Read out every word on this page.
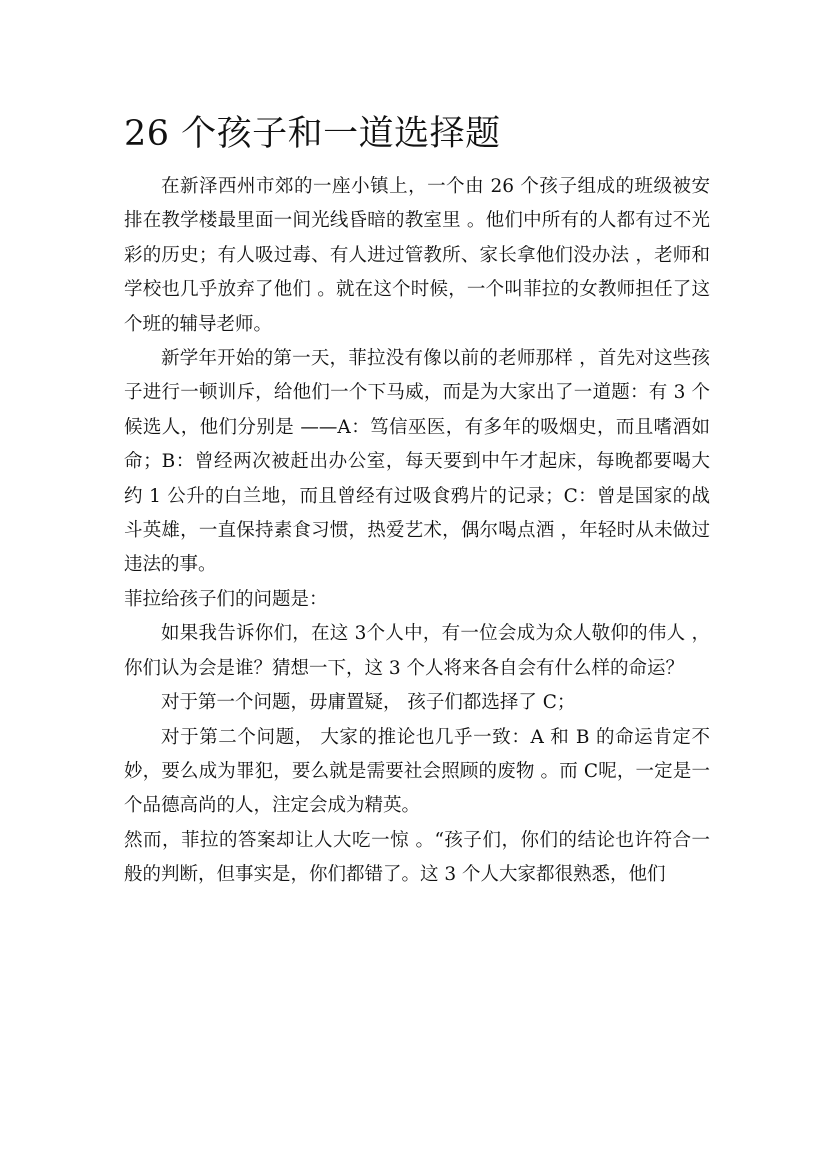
26 个孩子和一道选择题

在新泽西州市郊的一座小镇上，一个由 26 个孩子组成的班级被安排在教学楼最里面一间光线昏暗的教室里 。他们中所有的人都有过不光彩的历史；有人吸过毒、有人进过管教所、家长拿他们没办法 ，老师和学校也几乎放弃了他们 。就在这个时候，一个叫菲拉的女教师担任了这个班的辅导老师。

新学年开始的第一天，菲拉没有像以前的老师那样 ，首先对这些孩子进行一顿训斥，给他们一个下马威，而是为大家出了一道题：有 3 个候选人，他们分别是 ——A：笃信巫医，有多年的吸烟史，而且嗜酒如命；B：曾经两次被赶出办公室，每天要到中午才起床，每晚都要喝大约 1 公升的白兰地，而且曾经有过吸食鸦片的记录；C：曾是国家的战斗英雄，一直保持素食习惯，热爱艺术，偶尔喝点酒 ，年轻时从未做过违法的事。

菲拉给孩子们的问题是：

如果我告诉你们，在这 3个人中，有一位会成为众人敬仰的伟人 ，你们认为会是谁？猜想一下，这 3 个人将来各自会有什么样的命运？

对于第一个问题，毋庸置疑， 孩子们都选择了 C；

对于第二个问题， 大家的推论也几乎一致：A 和 B 的命运肯定不妙，要么成为罪犯，要么就是需要社会照顾的废物 。而 C呢，一定是一个品德高尚的人，注定会成为精英。

然而，菲拉的答案却让人大吃一惊 。“孩子们，你们的结论也许符合一般的判断，但事实是，你们都错了。这 3 个人大家都很熟悉，他们
